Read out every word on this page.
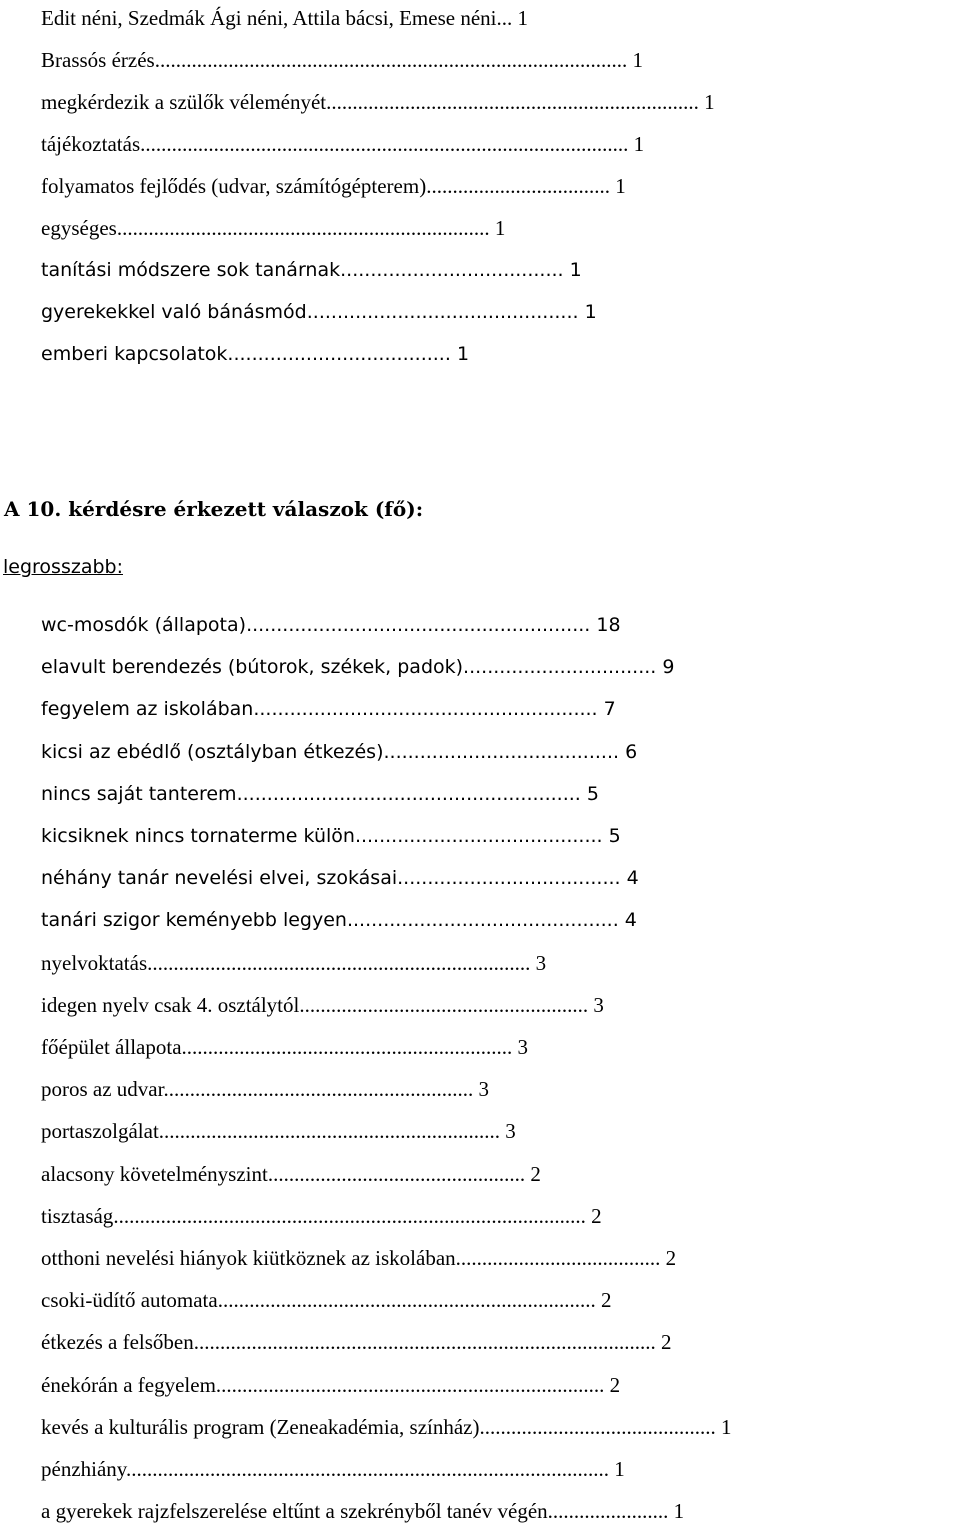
Edit néni, Szedmák Ági néni, Attila bácsi, Emese néni... 1
Brassós érzés.......................................................................................... 1
megkérdezik a szülők véleményét....................................................................... 1
tájékoztatás............................................................................................. 1
folyamatos fejlődés (udvar, számítógépterem)................................... 1
egységes....................................................................... 1
tanítási módszere sok tanárnak..................................... 1
gyerekekkel való bánásmód............................................. 1
emberi kapcsolatok..................................... 1
A 10. kérdésre érkezett válaszok (fő):
legrosszabb:
wc-mosdók (állapota)......................................................... 18
elavult berendezés (bútorok, székek, padok)................................ 9
fegyelem az iskolában......................................................... 7
kicsi az ebédlő (osztályban étkezés)....................................... 6
nincs saját tanterem......................................................... 5
kicsiknek nincs tornaterme külön......................................... 5
néhány tanár nevelési elvei, szokásai..................................... 4
tanári szigor keményebb legyen............................................. 4
nyelvoktatás......................................................................... 3
idegen nyelv csak 4. osztálytól....................................................... 3
főépület állapota............................................................... 3
poros az udvar........................................................... 3
portaszolgálat................................................................. 3
alacsony követelményszint................................................. 2
tisztaság.......................................................................................... 2
otthoni nevelési hiányok kiütköznek az iskolában....................................... 2
csoki-üdítő automata........................................................................ 2
étkezés a felsőben........................................................................................ 2
énekórán a fegyelem.......................................................................... 2
kevés a kulturális program (Zeneakadémia, színház)............................................. 1
pénzhiány............................................................................................ 1
a gyerekek rajzfelszerelése eltűnt a szekrényből tanév végén....................... 1
